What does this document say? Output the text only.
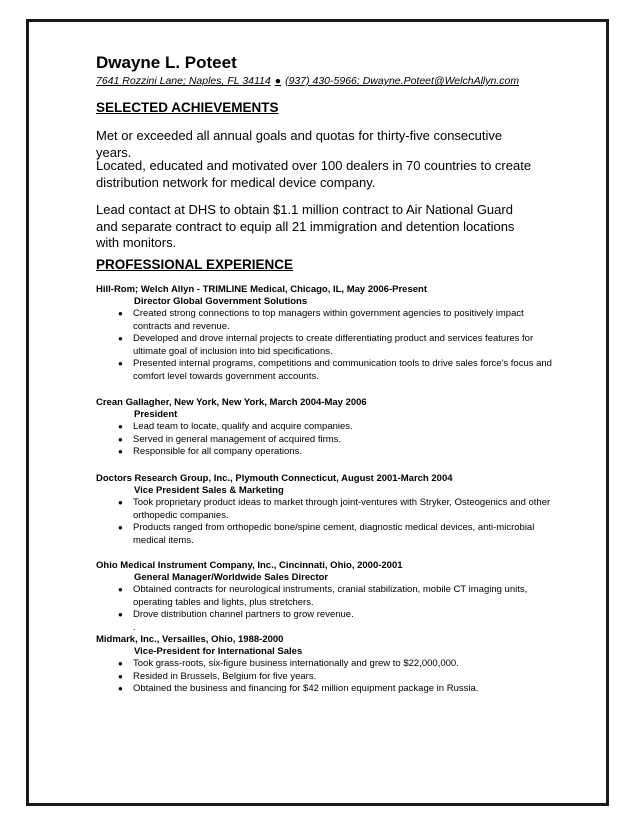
Dwayne L. Poteet
7641 Rozzini Lane; Naples, FL 34114 ● (937) 430-5966; Dwayne.Poteet@WelchAllyn.com
SELECTED ACHIEVEMENTS
Met or exceeded all annual goals and quotas for thirty-five consecutive years.
Located, educated and motivated over 100 dealers in 70 countries to create distribution network for medical device company.
Lead contact at DHS to obtain $1.1 million contract to Air National Guard and separate contract to equip all 21 immigration and detention locations with monitors.
PROFESSIONAL EXPERIENCE
Hill-Rom; Welch Allyn - TRIMLINE Medical, Chicago, IL, May 2006-Present
Director Global Government Solutions
● Created strong connections to top managers within government agencies to positively impact contracts and revenue.
● Developed and drove internal projects to create differentiating product and services features for ultimate goal of inclusion into bid specifications.
● Presented internal programs, competitions and communication tools to drive sales force's focus and comfort level towards government accounts.
Crean Gallagher, New York, New York, March 2004-May 2006
President
● Lead team to locate, qualify and acquire companies.
● Served in general management of acquired firms.
● Responsible for all company operations.
Doctors Research Group, Inc., Plymouth Connecticut, August 2001-March 2004
Vice President Sales & Marketing
● Took proprietary product ideas to market through joint-ventures with Stryker, Osteogenics and other orthopedic companies.
● Products ranged from orthopedic bone/spine cement, diagnostic medical devices, anti-microbial medical items.
Ohio Medical Instrument Company, Inc., Cincinnati, Ohio, 2000-2001
General Manager/Worldwide Sales Director
● Obtained contracts for neurological instruments, cranial stabilization, mobile CT imaging units, operating tables and lights, plus stretchers.
● Drove distribution channel partners to grow revenue.
.
Midmark, Inc., Versailles, Ohio, 1988-2000
Vice-President for International Sales
● Took grass-roots, six-figure business internationally and grew to $22,000,000.
● Resided in Brussels, Belgium for five years.
● Obtained the business and financing for $42 million equipment package in Russia.
